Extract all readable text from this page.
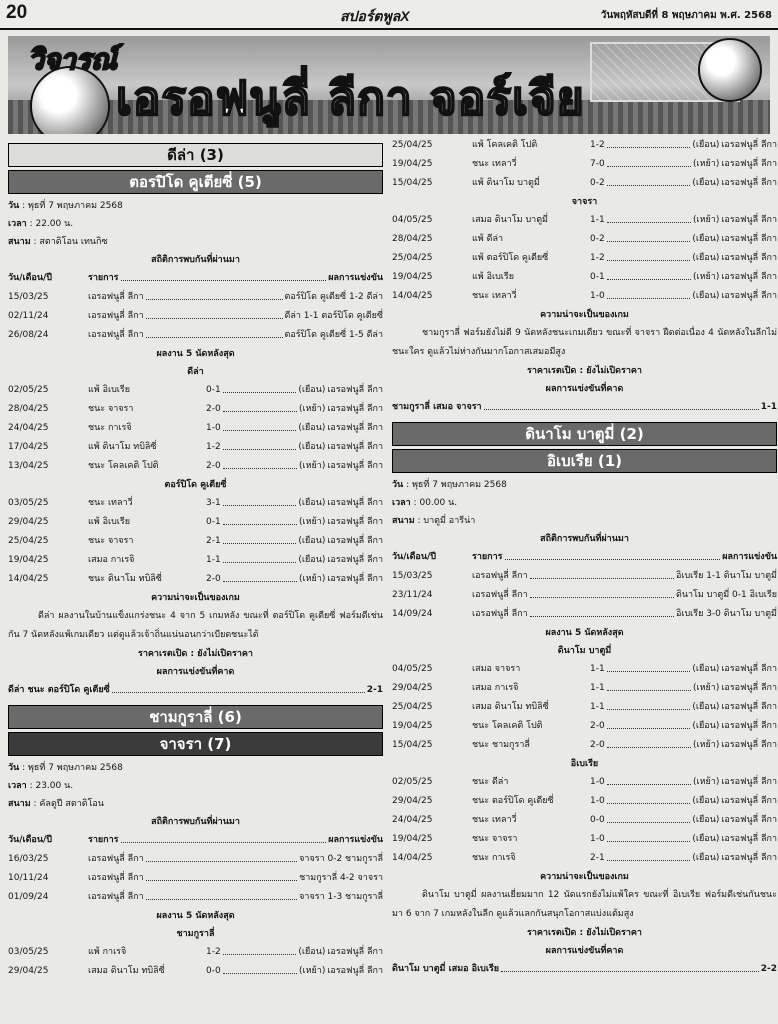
20	สปอร์ตพูลX	วันพฤหัสบดีที่ 8 พฤษภาคม พ.ศ. 2568
วิจารณ์
เอรอฟนูลี่ ลีกา จอร์เจีย
ดีล่า (3)
ตอรปิโด คูเตียซี่ (5)
วัน : พุธที่ 7 พฤษภาคม 2568
เวลา : 22.00 น.
สนาม : สตาดิโอน เทนกิซ
สถิติการพบกันที่ผ่านมา
วัน/เดือน/ปี	รายการ	ผลการแข่งขัน
15/03/25	เอรอฟนูลี่ ลีกา	ตอร์ปิโด คูเตียซี่ 1-2 ดีล่า
02/11/24	เอรอฟนูลี่ ลีกา	ดีล่า 1-1 ตอร์ปิโด คูเตียซี่
26/08/24	เอรอฟนูลี่ ลีกา	ตอร์ปิโด คูเตียซี่ 1-5 ดีล่า
ผลงาน 5 นัดหลังสุด
ดีล่า
02/05/25	แพ้ อิเบเรีย	0-1	(เยือน) เอรอฟนูลี่ ลีกา
28/04/25	ชนะ จาจรา	2-0	(เหย้า) เอรอฟนูลี่ ลีกา
24/04/25	ชนะ กาเรจิ	1-0	(เยือน) เอรอฟนูลี่ ลีกา
17/04/25	แพ้ ดินาโม ทบิลิซี่	1-2	(เยือน) เอรอฟนูลี่ ลีกา
13/04/25	ชนะ โคลเคติ โปติ	2-0	(เหย้า) เอรอฟนูลี่ ลีกา
ตอร์ปิโด คูเตียซี่
03/05/25	ชนะ เทลาวี่	3-1	(เยือน) เอรอฟนูลี่ ลีกา
29/04/25	แพ้ อิเบเรีย	0-1	(เหย้า) เอรอฟนูลี่ ลีกา
25/04/25	ชนะ จาจรา	2-1	(เยือน) เอรอฟนูลี่ ลีกา
19/04/25	เสมอ กาเรจิ	1-1	(เยือน) เอรอฟนูลี่ ลีกา
14/04/25	ชนะ ดินาโม ทบิลิซี่	2-0	(เหย้า) เอรอฟนูลี่ ลีกา
ความน่าจะเป็นของเกม
ดีล่า ผลงานในบ้านแข็งแกร่งชนะ 4 จาก 5 เกมหลัง ขณะที่ ตอร์ปิโด คูเตียซี่ ฟอร์มดีเช่นกัน 7 นัดหลังแพ้เกมเดียว แต่ดูแล้วเจ้าถิ่นแน่นอนกว่าเบียดชนะได้
ราคาเรตเปิด : ยังไม่เปิดราคา
ผลการแข่งขันที่คาด
ดีล่า ชนะ ตอร์ปิโด คูเตียซี่	2-1
ชามกูราลี่ (6)
จาจรา (7)
วัน : พุธที่ 7 พฤษภาคม 2568
เวลา : 23.00 น.
สนาม : คัลดูปี สตาดิโอน
สถิติการพบกันที่ผ่านมา
วัน/เดือน/ปี	รายการ	ผลการแข่งขัน
16/03/25	เอรอฟนูลี่ ลีกา	จาจรา 0-2 ชามกูราลี่
10/11/24	เอรอฟนูลี่ ลีกา	ชามกูราลี่ 4-2 จาจรา
01/09/24	เอรอฟนูลี่ ลีกา	จาจรา 1-3 ชามกูราลี่
ผลงาน 5 นัดหลังสุด
ชามกูราลี่
03/05/25	แพ้ กาเรจิ	1-2	(เยือน) เอรอฟนูลี่ ลีกา
29/04/25	เสมอ ดินาโม ทบิลิซี่	0-0	(เหย้า) เอรอฟนูลี่ ลีกา
25/04/25	แพ้ โคลเคติ โปติ	1-2	(เยือน) เอรอฟนูลี่ ลีกา
19/04/25	ชนะ เทลาวี่	7-0	(เหย้า) เอรอฟนูลี่ ลีกา
15/04/25	แพ้ ดินาโม บาตูมี่	0-2	(เยือน) เอรอฟนูลี่ ลีกา
จาจรา
04/05/25	เสมอ ดินาโม บาตูมี่	1-1	(เหย้า) เอรอฟนูลี่ ลีกา
28/04/25	แพ้ ดีล่า	0-2	(เยือน) เอรอฟนูลี่ ลีกา
25/04/25	แพ้ ตอร์ปิโด คูเตียซี่	1-2	(เยือน) เอรอฟนูลี่ ลีกา
19/04/25	แพ้ อิเบเรีย	0-1	(เหย้า) เอรอฟนูลี่ ลีกา
14/04/25	ชนะ เทลาวี่	1-0	(เยือน) เอรอฟนูลี่ ลีกา
ความน่าจะเป็นของเกม
ชามกูราลี่ ฟอร์มยังไม่ดี 9 นัดหลังชนะเกมเดียว ขณะที่ จาจรา ฝืดต่อเนื่อง 4 นัดหลังในลีกไม่ชนะใคร ดูแล้วไม่ห่างกันมากโอกาสเสมอมีสูง
ราคาเรตเปิด : ยังไม่เปิดราคา
ผลการแข่งขันที่คาด
ชามกูราลี่ เสมอ จาจรา	1-1
ดินาโม บาตูมี่ (2)
อิเบเรีย (1)
วัน : พุธที่ 7 พฤษภาคม 2568
เวลา : 00.00 น.
สนาม : บาตูมี่ อารีน่า
สถิติการพบกันที่ผ่านมา
วัน/เดือน/ปี	รายการ	ผลการแข่งขัน
15/03/25	เอรอฟนูลี่ ลีกา	อิเบเรีย 1-1 ดินาโม บาตูมี่
23/11/24	เอรอฟนูลี่ ลีกา	ดินาโม บาตูมี่ 0-1 อิเบเรีย
14/09/24	เอรอฟนูลี่ ลีกา	อิเบเรีย 3-0 ดินาโม บาตูมี่
ผลงาน 5 นัดหลังสุด
ดินาโม บาตูมี่
04/05/25	เสมอ จาจรา	1-1	(เยือน) เอรอฟนูลี่ ลีกา
29/04/25	เสมอ กาเรจิ	1-1	(เหย้า) เอรอฟนูลี่ ลีกา
25/04/25	เสมอ ดินาโม ทบิลิซี่	1-1	(เยือน) เอรอฟนูลี่ ลีกา
19/04/25	ชนะ โคลเคติ โปติ	2-0	(เยือน) เอรอฟนูลี่ ลีกา
15/04/25	ชนะ ชามกูราลี่	2-0	(เหย้า) เอรอฟนูลี่ ลีกา
อิเบเรีย
02/05/25	ชนะ ดีล่า	1-0	(เหย้า) เอรอฟนูลี่ ลีกา
29/04/25	ชนะ ตอร์ปิโด คูเตียซี่	1-0	(เยือน) เอรอฟนูลี่ ลีกา
24/04/25	ชนะ เทลาวี่	0-0	(เยือน) เอรอฟนูลี่ ลีกา
19/04/25	ชนะ จาจรา	1-0	(เยือน) เอรอฟนูลี่ ลีกา
14/04/25	ชนะ กาเรจิ	2-1	(เยือน) เอรอฟนูลี่ ลีกา
ความน่าจะเป็นของเกม
ดินาโม บาตูมี่ ผลงานเยี่ยมมาก 12 นัดแรกยังไม่แพ้ใคร ขณะที่ อิเบเรีย ฟอร์มดีเช่นกันชนะมา 6 จาก 7 เกมหลังในลีก ดูแล้วแลกกันสนุกโอกาสแบ่งแต้มสูง
ราคาเรตเปิด : ยังไม่เปิดราคา
ผลการแข่งขันที่คาด
ดินาโม บาตูมี่ เสมอ อิเบเรีย	2-2
